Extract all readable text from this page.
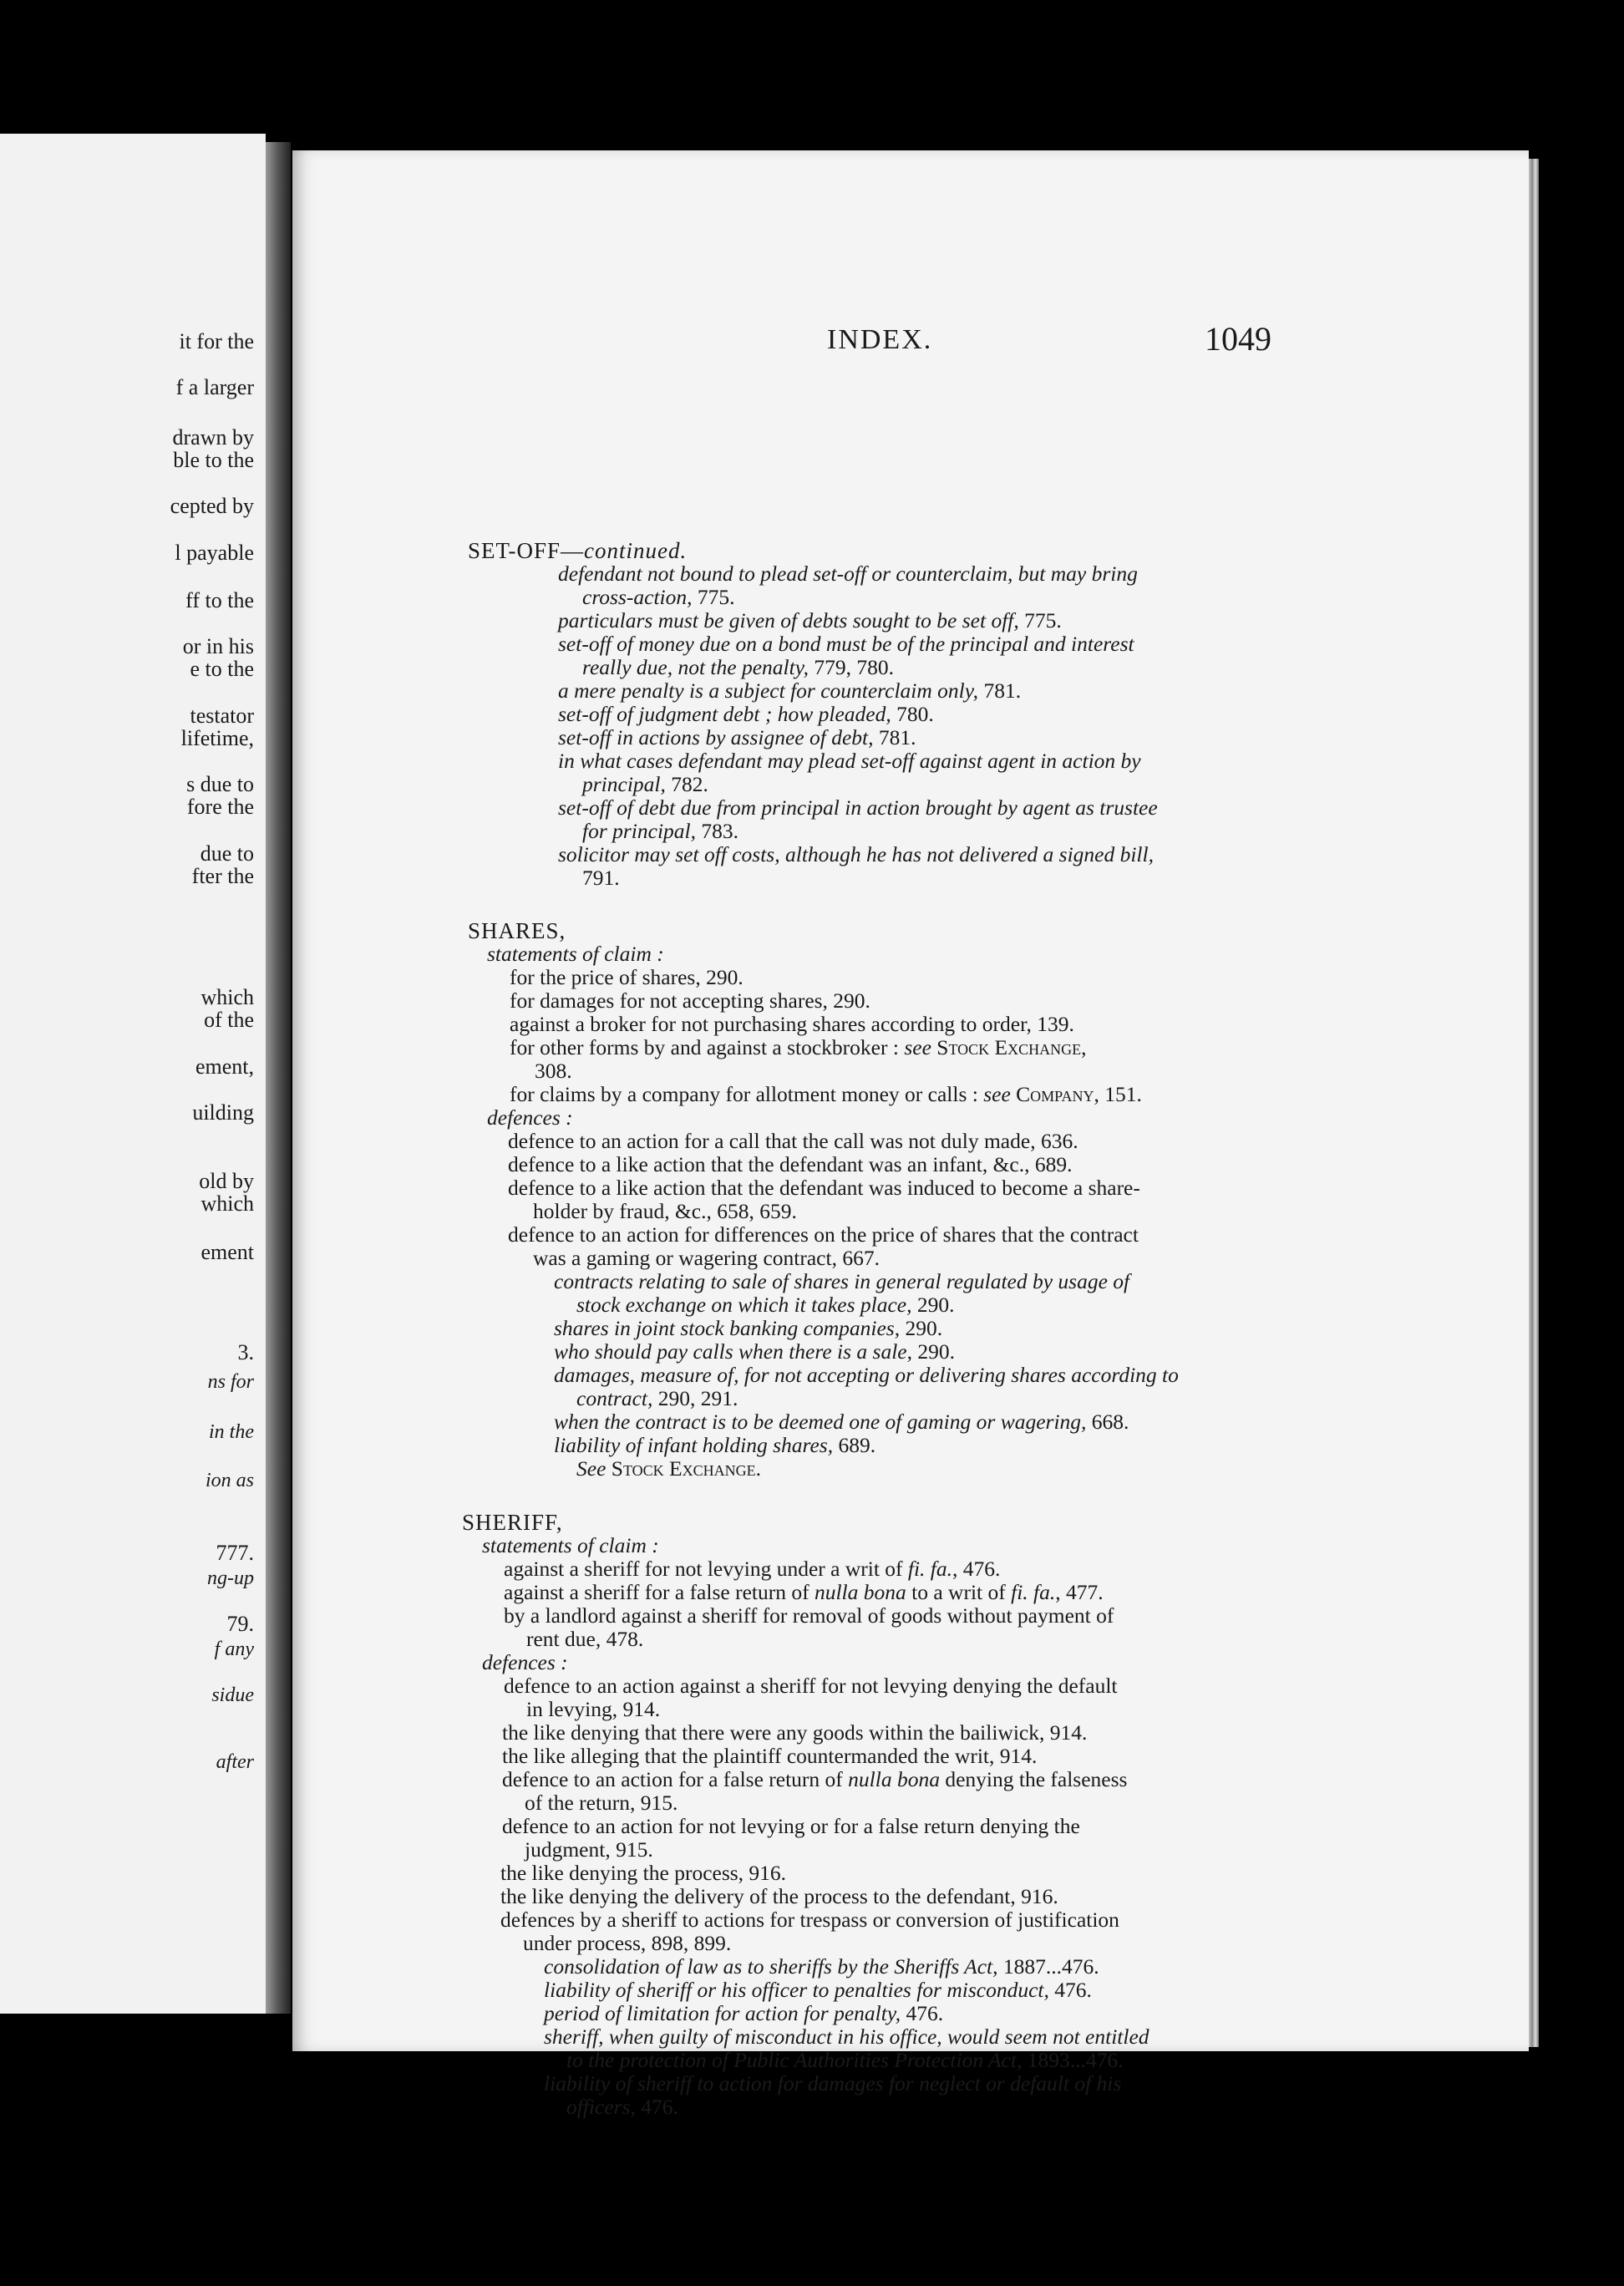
it for the
f a larger
drawn by
ble to the
cepted by
l payable
ff to the
or in his
e to the
testator
lifetime,
s due to
fore the
due to
fter the
which
of the
ement,
uilding
old by
which
ement
3.
ns for
in the
ion as
777.
ng-up
79.
f any
sidue
after
INDEX.	1049
SET-OFF—continued.
defendant not bound to plead set-off or counterclaim, but may bring
cross-action, 775.
particulars must be given of debts sought to be set off, 775.
set-off of money due on a bond must be of the principal and interest
really due, not the penalty, 779, 780.
a mere penalty is a subject for counterclaim only, 781.
set-off of judgment debt ; how pleaded, 780.
set-off in actions by assignee of debt, 781.
in what cases defendant may plead set-off against agent in action by
principal, 782.
set-off of debt due from principal in action brought by agent as trustee
for principal, 783.
solicitor may set off costs, although he has not delivered a signed bill,
791.
SHARES,
statements of claim :
for the price of shares, 290.
for damages for not accepting shares, 290.
against a broker for not purchasing shares according to order, 139.
for other forms by and against a stockbroker : see Stock Exchange,
308.
for claims by a company for allotment money or calls : see Company, 151.
defences :
defence to an action for a call that the call was not duly made, 636.
defence to a like action that the defendant was an infant, &c., 689.
defence to a like action that the defendant was induced to become a share-
holder by fraud, &c., 658, 659.
defence to an action for differences on the price of shares that the contract
was a gaming or wagering contract, 667.
contracts relating to sale of shares in general regulated by usage of
stock exchange on which it takes place, 290.
shares in joint stock banking companies, 290.
who should pay calls when there is a sale, 290.
damages, measure of, for not accepting or delivering shares according to
contract, 290, 291.
when the contract is to be deemed one of gaming or wagering, 668.
liability of infant holding shares, 689.
See Stock Exchange.
SHERIFF,
statements of claim :
against a sheriff for not levying under a writ of fi. fa., 476.
against a sheriff for a false return of nulla bona to a writ of fi. fa., 477.
by a landlord against a sheriff for removal of goods without payment of
rent due, 478.
defences :
defence to an action against a sheriff for not levying denying the default
in levying, 914.
the like denying that there were any goods within the bailiwick, 914.
the like alleging that the plaintiff countermanded the writ, 914.
defence to an action for a false return of nulla bona denying the falseness
of the return, 915.
defence to an action for not levying or for a false return denying the
judgment, 915.
the like denying the process, 916.
the like denying the delivery of the process to the defendant, 916.
defences by a sheriff to actions for trespass or conversion of justification
under process, 898, 899.
consolidation of law as to sheriffs by the Sheriffs Act, 1887...476.
liability of sheriff or his officer to penalties for misconduct, 476.
period of limitation for action for penalty, 476.
sheriff, when guilty of misconduct in his office, would seem not entitled
to the protection of Public Authorities Protection Act, 1893...476.
liability of sheriff to action for damages for neglect or default of his
officers, 476.
